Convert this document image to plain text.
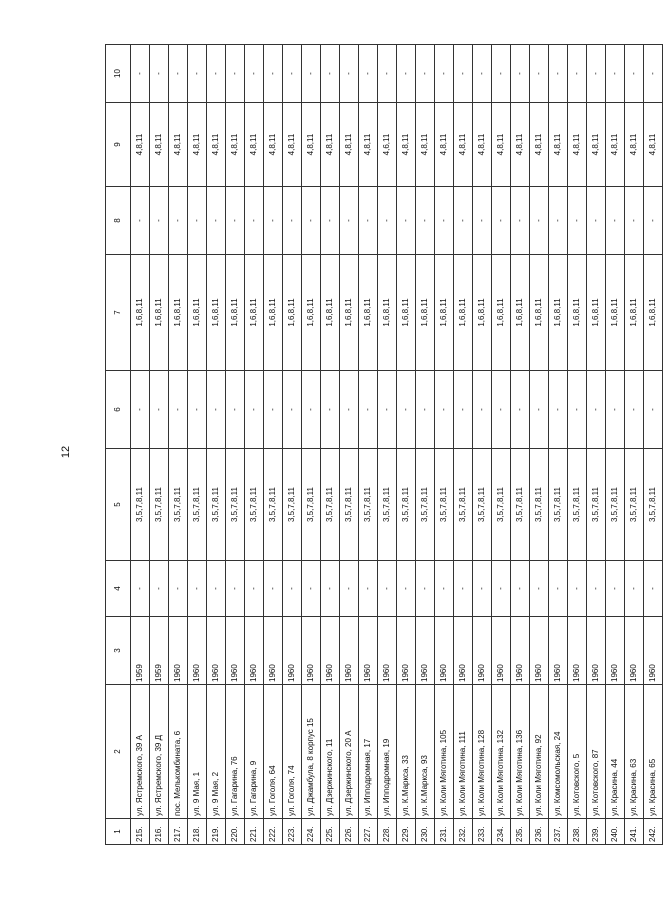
12
1	2	3	4	5	6	7	8	9	10
215.	ул. Ястремского, 39 А	1959	-	3,5,7,8,11	-	1,6,8,11	-	4,8,11	-
216.	ул. Ястремского, 39 Д	1959	-	3,5,7,8,11	-	1,6,8,11	-	4,8,11	-
217.	пос. Мелькомбината, 6	1960	-	3,5,7,8,11	-	1,6,8,11	-	4,8,11	-
218.	ул. 9 Мая, 1	1960	-	3,5,7,8,11	-	1,6,8,11	-	4,8,11	-
219.	ул. 9 Мая, 2	1960	-	3,5,7,8,11	-	1,6,8,11	-	4,8,11	-
220.	ул. Гагарина, 76	1960	-	3,5,7,8,11	-	1,6,8,11	-	4,8,11	-
221.	ул. Гагарина, 9	1960	-	3,5,7,8,11	-	1,6,8,11	-	4,8,11	-
222.	ул. Гоголя, 64	1960	-	3,5,7,8,11	-	1,6,8,11	-	4,8,11	-
223.	ул. Гоголя, 74	1960	-	3,5,7,8,11	-	1,6,8,11	-	4,8,11	-
224.	ул. Джамбула, 8 корпус 15	1960	-	3,5,7,8,11	-	1,6,8,11	-	4,8,11	-
225.	ул. Дзержинского, 11	1960	-	3,5,7,8,11	-	1,6,8,11	-	4,8,11	-
226.	ул. Дзержинского, 20 А	1960	-	3,5,7,8,11	-	1,6,8,11	-	4,8,11	-
227.	ул. Ипподромная, 17	1960	-	3,5,7,8,11	-	1,6,8,11	-	4,8,11	-
228.	ул. Ипподромная, 19	1960	-	3,5,7,8,11	-	1,6,8,11	-	4,6,11	-
229.	ул. К.Маркса, 33	1960	-	3,5,7,8,11	-	1,6,8,11	-	4,8,11	-
230.	ул. К.Маркса, 93	1960	-	3,5,7,8,11	-	1,6,8,11	-	4,8,11	-
231.	ул. Коли Мяготина, 105	1960	-	3,5,7,8,11	-	1,6,8,11	-	4,8,11	-
232.	ул. Коли Мяготина, 111	1960	-	3,5,7,8,11	-	1,6,8,11	-	4,8,11	-
233.	ул. Коли Мяготина, 128	1960	-	3,5,7,8,11	-	1,6,8,11	-	4,8,11	-
234.	ул. Коли Мяготина, 132	1960	-	3,5,7,8,11	-	1,6,8,11	-	4,8,11	-
235.	ул. Коли Мяготина, 136	1960	-	3,5,7,8,11	-	1,6,8,11	-	4,8,11	-
236.	ул. Коли Мяготина, 92	1960	-	3,5,7,8,11	-	1,6,8,11	-	4,8,11	-
237.	ул. Комсомольская, 24	1960	-	3,5,7,8,11	-	1,6,8,11	-	4,8,11	-
238.	ул. Котовского, 5	1960	-	3,5,7,8,11	-	1,6,8,11	-	4,8,11	-
239.	ул. Котовского, 87	1960	-	3,5,7,8,11	-	1,6,8,11	-	4,8,11	-
240.	ул. Красина, 44	1960	-	3,5,7,8,11	-	1,6,8,11	-	4,8,11	-
241.	ул. Красина, 63	1960	-	3,5,7,8,11	-	1,6,8,11	-	4,8,11	-
242.	ул. Красина, 65	1960	-	3,5,7,8,11	-	1,6,8,11	-	4,8,11	-
